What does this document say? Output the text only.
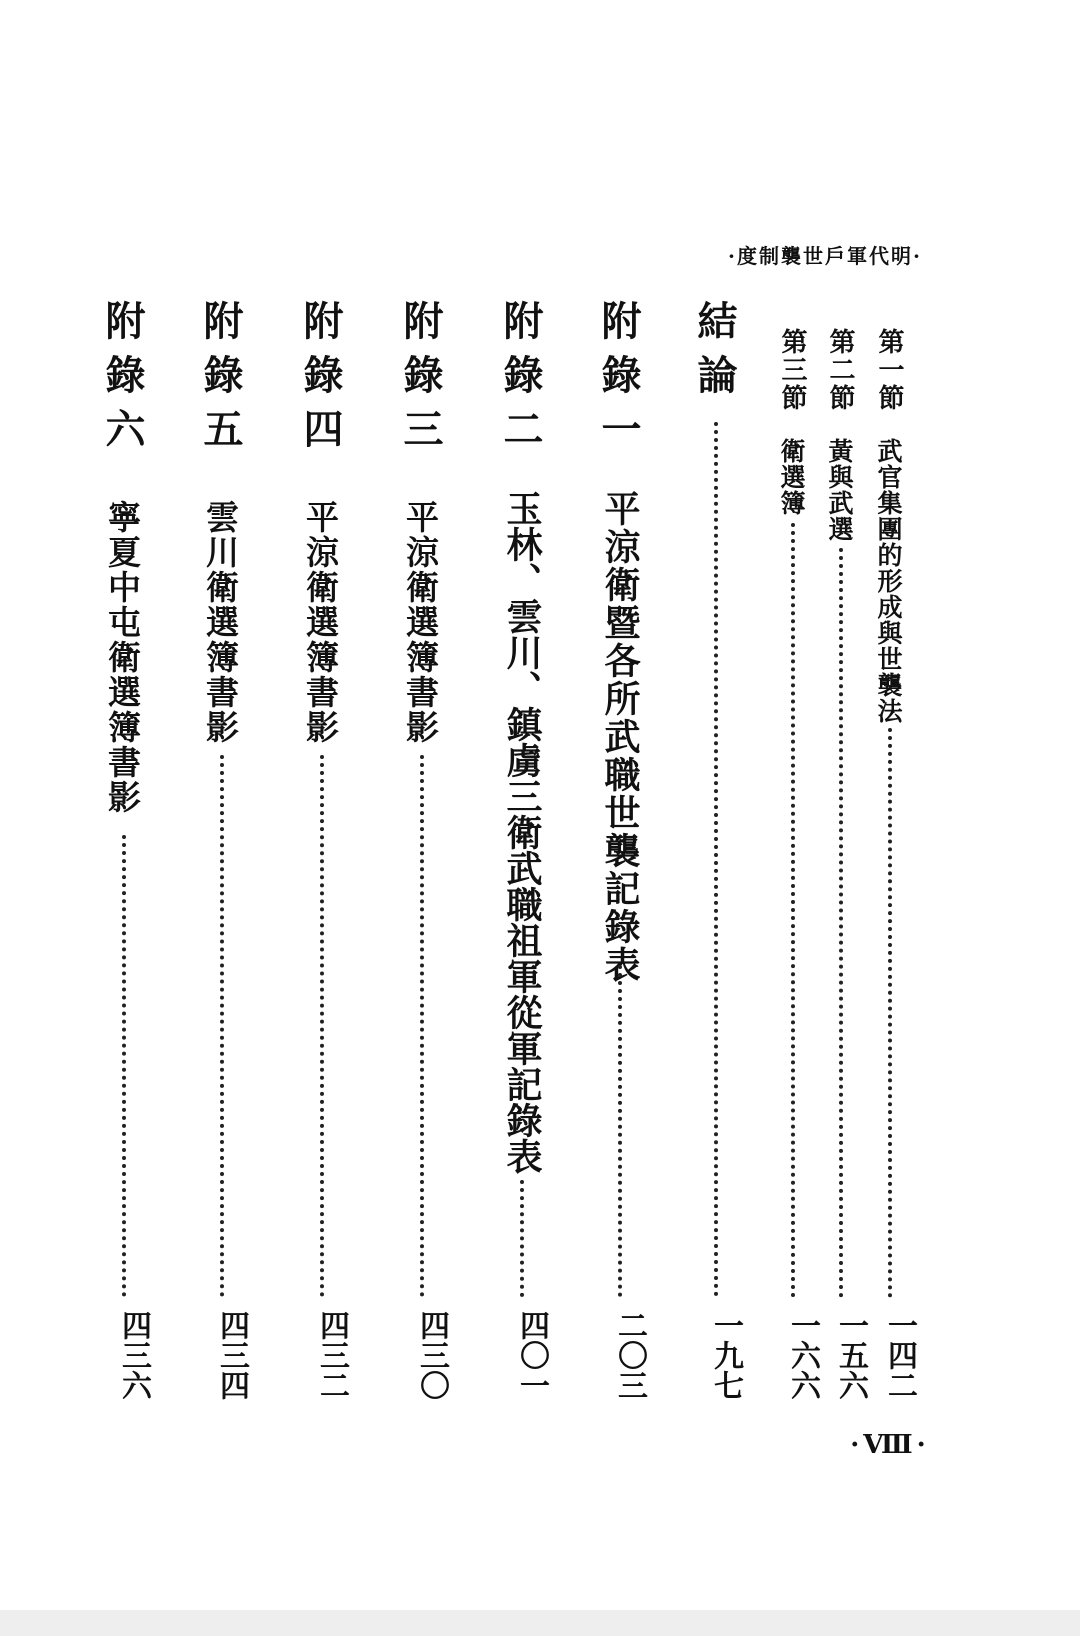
·明代軍戶世襲制度·
第一節
武官集團的形成與世襲法
一四二
第二節
黃與武選
一五六
第三節
衛選簿
一六六
結論
一九七
附錄一
平涼衛暨各所武職世襲記錄表
二〇三
附錄二
玉林、雲川、鎮虜三衛武職祖軍從軍記錄表
四〇一
附錄三
平涼衛選簿書影
四三〇
附錄四
平涼衛選簿書影
四三二
附錄五
雲川衛選簿書影
四三四
附錄六
寧夏中屯衛選簿書影
四三六
·Ⅷ·
